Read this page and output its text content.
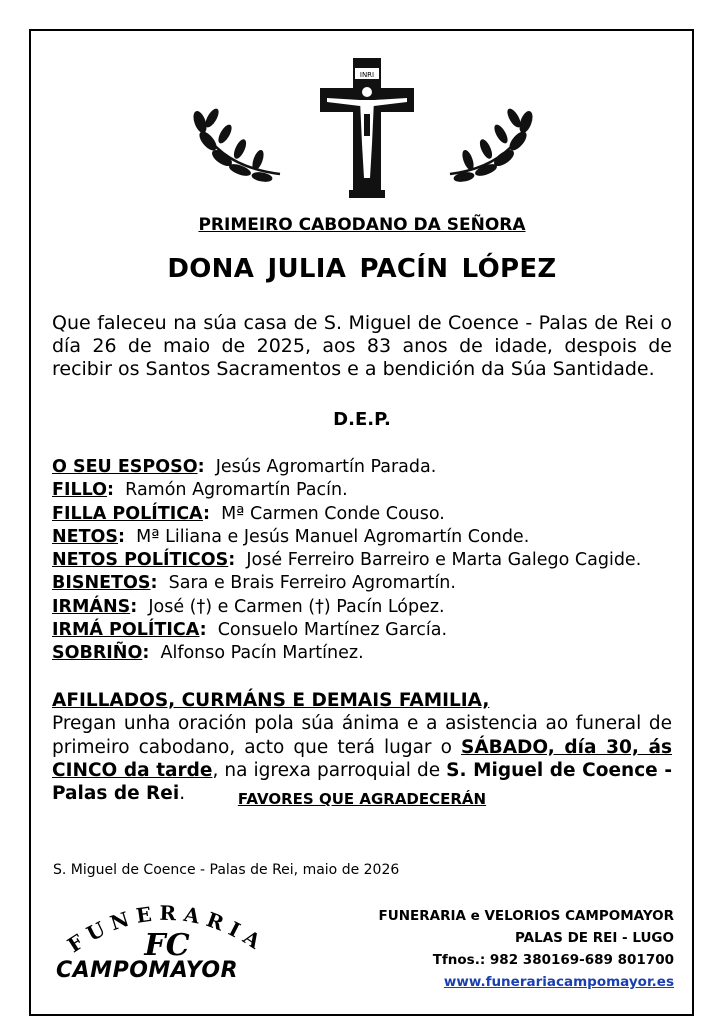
INRI
PRIMEIRO CABODANO DA SEÑORA
DONA JULIA PACÍN LÓPEZ
Que faleceu na súa casa de S. Miguel de Coence - Palas de Rei o día 26 de maio de 2025, aos 83 anos de idade, despois de recibir os Santos Sacramentos e a bendición da Súa Santidade.
D.E.P.
O SEU ESPOSO: Jesús Agromartín Parada.
FILLO: Ramón Agromartín Pacín.
FILLA POLÍTICA: Mª Carmen Conde Couso.
NETOS: Mª Liliana e Jesús Manuel Agromartín Conde.
NETOS POLÍTICOS: José Ferreiro Barreiro e Marta Galego Cagide.
BISNETOS: Sara e Brais Ferreiro Agromartín.
IRMÁNS: José (†) e Carmen (†) Pacín López.
IRMÁ POLÍTICA: Consuelo Martínez García.
SOBRIÑO: Alfonso Pacín Martínez.
AFILLADOS, CURMÁNS E DEMAIS FAMILIA,
Pregan unha oración pola súa ánima e a asistencia ao funeral de primeiro cabodano, acto que terá lugar o SÁBADO, día 30, ás CINCO da tarde, na igrexa parroquial de S. Miguel de Coence - Palas de Rei.	FAVORES QUE AGRADECERÁN
S. Miguel de Coence - Palas de Rei, maio de 2026
FUNERARIA
FC
CAMPOMAYOR
FUNERARIA e VELORIOS CAMPOMAYOR
PALAS DE REI - LUGO
Tfnos.: 982 380169-689 801700
www.funerariacampomayor.es
